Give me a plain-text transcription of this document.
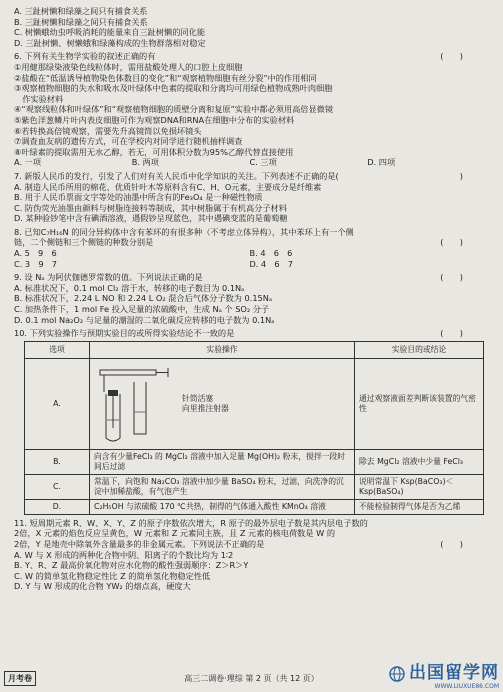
A. 三趾树懒和绿藻之间只有捕食关系
B. 三趾树懒和绿藻之间只有捕食关系
C. 树懒蛾幼虫呼吸消耗的能量来自三趾树懒的同化能
D. 三趾树懒、树懒蛾和绿藻构成的生物群落相对稳定
6. 下列有关生物学实验的叙述正确的有	(　　)
①用健那绿染液染色线粒体时，需用盐酸处理人的口腔上皮细胞
②盐酸在“低温诱导植物染色体数目的变化”和“观察植物细胞有丝分裂”中的作用相同
③观察植物细胞的失水和吸水及叶绿体中色素的提取和分离均可用绿色植物成熟叶肉细胞
　作实验材料
④“观察线粒体和叶绿体”和“观察植物细胞的质壁分离和复原”实验中都必须用高倍显微镜
⑤紫色洋葱鳞片叶内表皮细胞可作为观察DNA和RNA在细胞中分布的实验材料
⑥若转换高倍镜观察，需要先升高镜筒以免损坏镜头
⑦调查血友病的遗传方式，可在学校内对同学进行随机抽样调查
⑧叶绿素的提取需用无水乙醇，若无，可用体积分数为95%乙醇代替直接使用
A. 一项	B. 两项	C. 三项	D. 四项
7. 新版人民币的发行，引发了人们对有关人民币中化学知识的关注。下列表述不正确的是(	)
A. 制造人民币所用的棉花、优质针叶木等原料含有C、H、O元素，主要成分是纤维素
B. 用于人民币票面文字等处的油墨中所含有的Fe₃O₄ 是一种磁性物质
C. 防伪荧光油墨由颜料与树脂连接料等制成，其中树脂属于有机高分子材料
D. 某种验钞笔中含有碘酒溶液，遇假钞呈现蓝色，其中遇碘变蓝的是葡萄糖
8. 已知C₇H₁₆N 的同分异构体中含有苯环的有很多种（不考虑立体异构），其中苯环上有一个侧
链，二个侧链和三个侧链的种数分别是	(　　)
A. 5　9　6	B. 4　6　6
C. 3　9　7	D. 4　6　7
9. 设 Nₐ 为阿伏伽德罗常数的值。下列说法正确的是	(　　)
A. 标准状况下，0.1 mol Cl₂ 溶于水，转移的电子数目为 0.1Nₐ
B. 标准状况下，2.24 L NO 和 2.24 L O₂ 混合后气体分子数为 0.15Nₐ
C. 加热条件下，1 mol Fe 投入足量的浓硫酸中，生成 Nₐ 个 SO₂ 分子
D. 0.1 mol Na₂O₂ 与足量的潮湿的二氧化碳反应转移的电子数为 0.1Nₐ
10. 下列实验操作与预期实验目的或所得实验结论不一致的是	(　　)
选项	实验操作	实验目的或结论
A.	针筒活塞
向里推注射器	通过观察液面差判断该装置的气密性
B.	向含有少量FeCl₃ 的 MgCl₂ 溶液中加入足量 Mg(OH)₂ 粉末，搅拌一段时间后过滤	除去 MgCl₂ 溶液中少量 FeCl₃
C.	常温下，向饱和 Na₂CO₃ 溶液中加少量 BaSO₄ 粉末，过滤，向洗净的沉淀中加稀盐酸，有气泡产生	说明常温下 Ksp(BaCO₃)＜Ksp(BaSO₄)
D.	C₂H₅OH 与浓硫酸 170 ℃共热，制得的气体通入酸性 KMnO₄ 溶液	不能检验制得气体是否为乙烯
11. 短周期元素 R、W、X、Y、Z 的原子序数依次增大，R 原子的最外层电子数是其内层电子数的
2倍，X 元素的焰色反应呈黄色，W 元素和 Z 元素同主族，且 Z 元素的核电荷数是 W 的
2倍，Y 是地壳中除氧外含量最多的非金属元素。下列说法不正确的是	(　　)
A. W 与 X 形成的两种化合物中阴、阳离子的个数比均为 1∶2
B. Y、R、Z 最高价氧化物对应水化物的酸性强弱顺序：Z＞R＞Y
C. W 的简单氢化物稳定性比 Z 的简单氢化物稳定性低
D. Y 与 W 形成的化合物 YW₂ 的熔点高，硬度大
月考卷	高三二调卷·理综 第 2 页（共 12 页）	出国留学网
WWW.LIUXUE86.COM
